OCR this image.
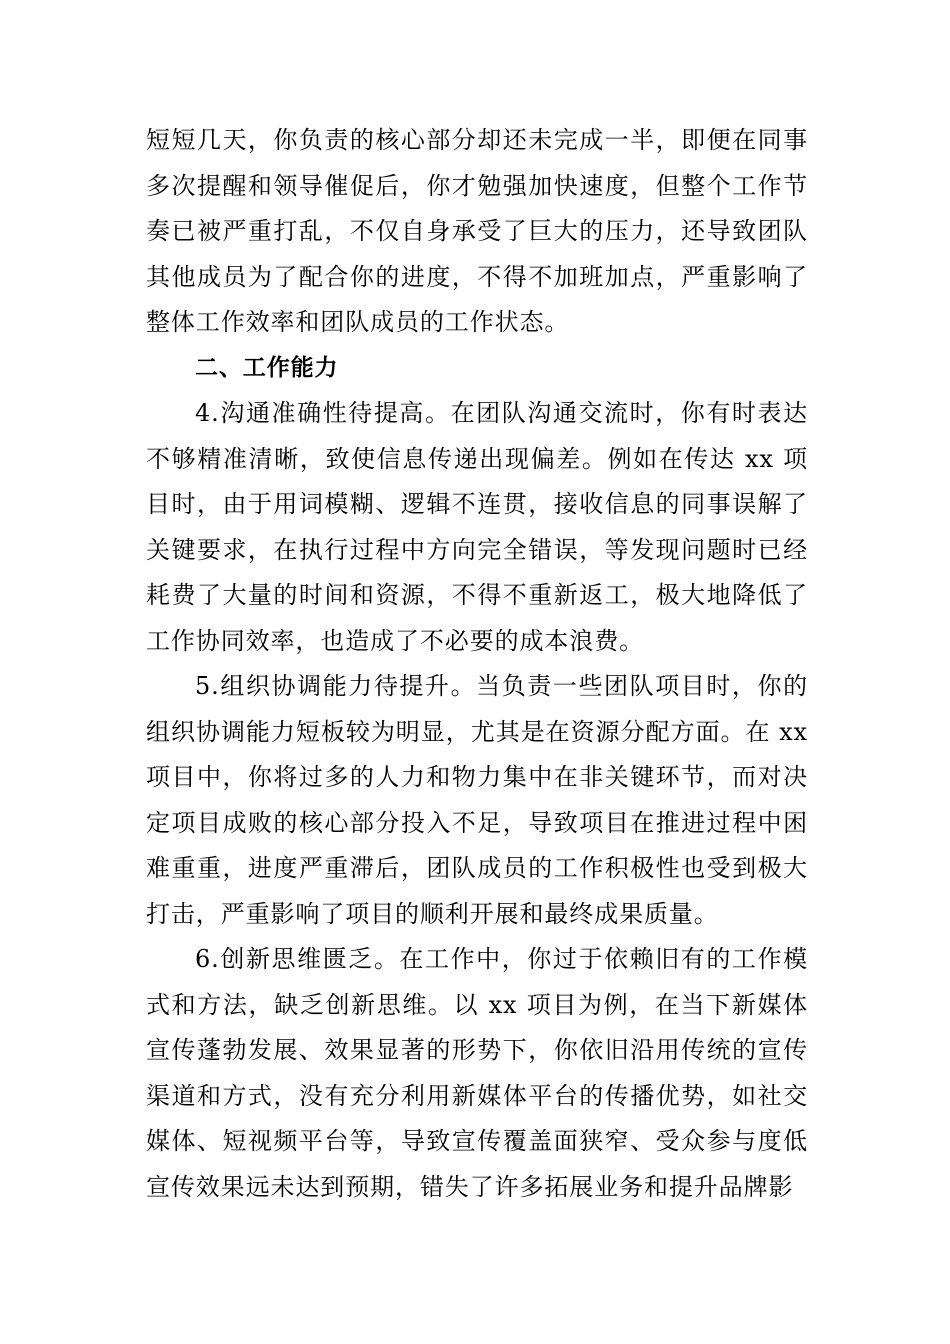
短短几天，你负责的核心部分却还未完成一半，即便在同事多次提醒和领导催促后，你才勉强加快速度，但整个工作节奏已被严重打乱，不仅自身承受了巨大的压力，还导致团队其他成员为了配合你的进度，不得不加班加点，严重影响了整体工作效率和团队成员的工作状态。

二、工作能力

4.沟通准确性待提高。在团队沟通交流时，你有时表达不够精准清晰，致使信息传递出现偏差。例如在传达 xx 项目时，由于用词模糊、逻辑不连贯，接收信息的同事误解了关键要求，在执行过程中方向完全错误，等发现问题时已经耗费了大量的时间和资源，不得不重新返工，极大地降低了工作协同效率，也造成了不必要的成本浪费。

5.组织协调能力待提升。当负责一些团队项目时，你的组织协调能力短板较为明显，尤其是在资源分配方面。在 xx 项目中，你将过多的人力和物力集中在非关键环节，而对决定项目成败的核心部分投入不足，导致项目在推进过程中困难重重，进度严重滞后，团队成员的工作积极性也受到极大打击，严重影响了项目的顺利开展和最终成果质量。

6.创新思维匮乏。在工作中，你过于依赖旧有的工作模式和方法，缺乏创新思维。以 xx 项目为例，在当下新媒体宣传蓬勃发展、效果显著的形势下，你依旧沿用传统的宣传渠道和方式，没有充分利用新媒体平台的传播优势，如社交媒体、短视频平台等，导致宣传覆盖面狭窄、受众参与度低宣传效果远未达到预期，错失了许多拓展业务和提升品牌影
